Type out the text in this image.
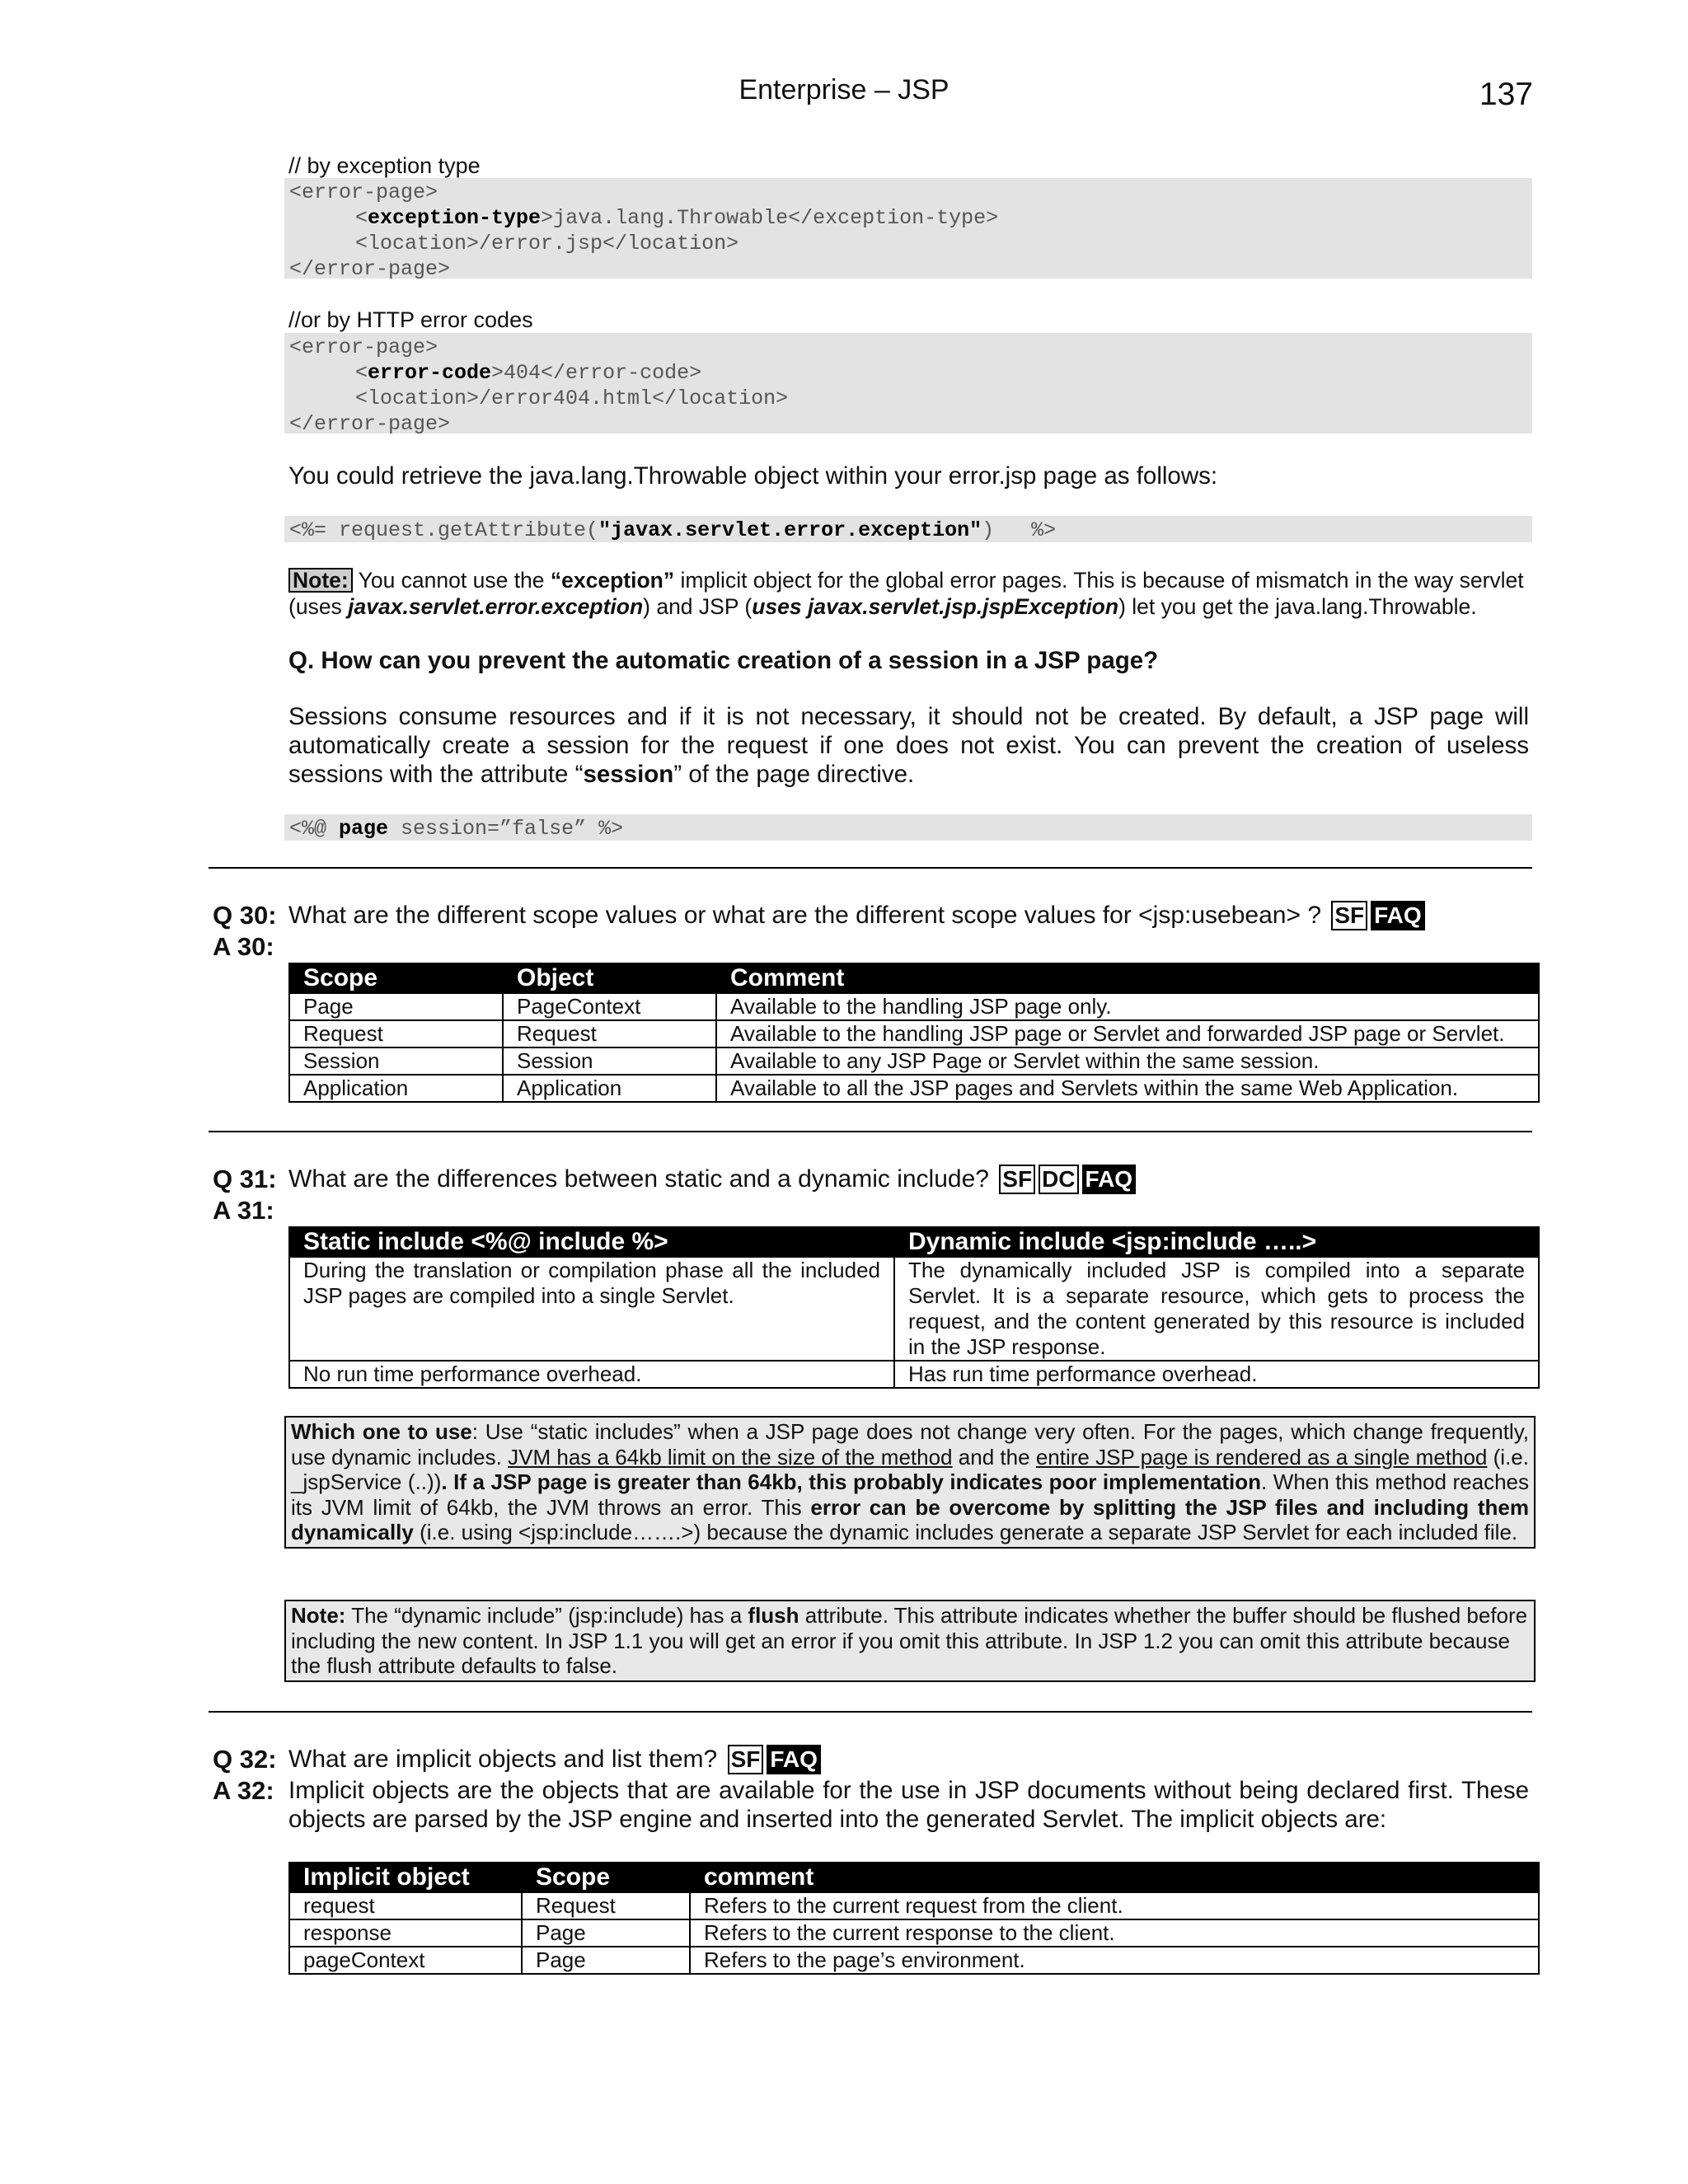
Enterprise – JSP	137
// by exception type
<error-page>
<exception-type>java.lang.Throwable</exception-type>
<location>/error.jsp</location>
</error-page>
//or by HTTP error codes
<error-page>
<error-code>404</error-code>
<location>/error404.html</location>
</error-page>
You could retrieve the java.lang.Throwable object within your error.jsp page as follows:
<%= request.getAttribute("javax.servlet.error.exception")   %>
Note: You cannot use the “exception” implicit object for the global error pages. This is because of mismatch in the way servlet (uses javax.servlet.error.exception) and JSP (uses javax.servlet.jsp.jspException) let you get the java.lang.Throwable.
Q. How can you prevent the automatic creation of a session in a JSP page?
Sessions consume resources and if it is not necessary, it should not be created. By default, a JSP page will automatically create a session for the request if one does not exist. You can prevent the creation of useless sessions with the attribute “session” of the page directive.
<%@ page session=”false” %>
Q 30:
A 30:
What are the different scope values or what are the different scope values for <jsp:usebean> ? SF FAQ
Scope	Object	Comment
Page	PageContext	Available to the handling JSP page only.
Request	Request	Available to the handling JSP page or Servlet and forwarded JSP page or Servlet.
Session	Session	Available to any JSP Page or Servlet within the same session.
Application	Application	Available to all the JSP pages and Servlets within the same Web Application.
Q 31:
A 31:
What are the differences between static and a dynamic include? SF DC FAQ
Static include <%@ include %>	Dynamic include <jsp:include …..>
During the translation or compilation phase all the included JSP pages are compiled into a single Servlet.	The dynamically included JSP is compiled into a separate Servlet. It is a separate resource, which gets to process the request, and the content generated by this resource is included in the JSP response.
No run time performance overhead.	Has run time performance overhead.
Which one to use: Use “static includes” when a JSP page does not change very often. For the pages, which change frequently, use dynamic includes. JVM has a 64kb limit on the size of the method and the entire JSP page is rendered as a single method (i.e. _jspService (..)). If a JSP page is greater than 64kb, this probably indicates poor implementation. When this method reaches its JVM limit of 64kb, the JVM throws an error. This error can be overcome by splitting the JSP files and including them dynamically (i.e. using <jsp:include…….>) because the dynamic includes generate a separate JSP Servlet for each included file.
Note: The “dynamic include” (jsp:include) has a flush attribute. This attribute indicates whether the buffer should be flushed before including the new content. In JSP 1.1 you will get an error if you omit this attribute. In JSP 1.2 you can omit this attribute because the flush attribute defaults to false.
Q 32:
A 32:
What are implicit objects and list them? SF FAQ
Implicit objects are the objects that are available for the use in JSP documents without being declared first. These objects are parsed by the JSP engine and inserted into the generated Servlet. The implicit objects are:
Implicit object	Scope	comment
request	Request	Refers to the current request from the client.
response	Page	Refers to the current response to the client.
pageContext	Page	Refers to the page’s environment.
